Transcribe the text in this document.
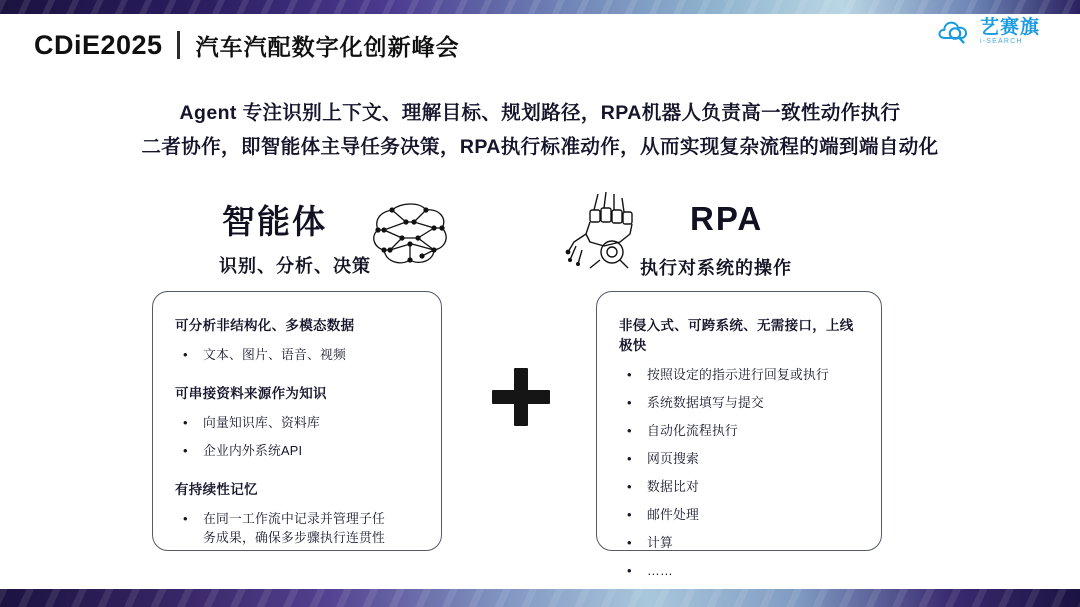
CDiE2025 汽车汽配数字化创新峰会
艺赛旗
i-SEARCH
Agent 专注识别上下文、理解目标、规划路径，RPA机器人负责高一致性动作执行
二者协作，即智能体主导任务决策，RPA执行标准动作，从而实现复杂流程的端到端自动化
智能体
识别、分析、决策
可分析非结构化、多模态数据
•	文本、图片、语音、视频
可串接资料来源作为知识
•	向量知识库、资料库
•	企业内外系统API
有持续性记忆
•	在同一工作流中记录并管理子任务成果，确保多步骤执行连贯性
RPA
执行对系统的操作
非侵入式、可跨系统、无需接口，上线极快
•	按照设定的指示进行回复或执行
•	系统数据填写与提交
•	自动化流程执行
•	网页搜索
•	数据比对
•	邮件处理
•	计算
•	……
